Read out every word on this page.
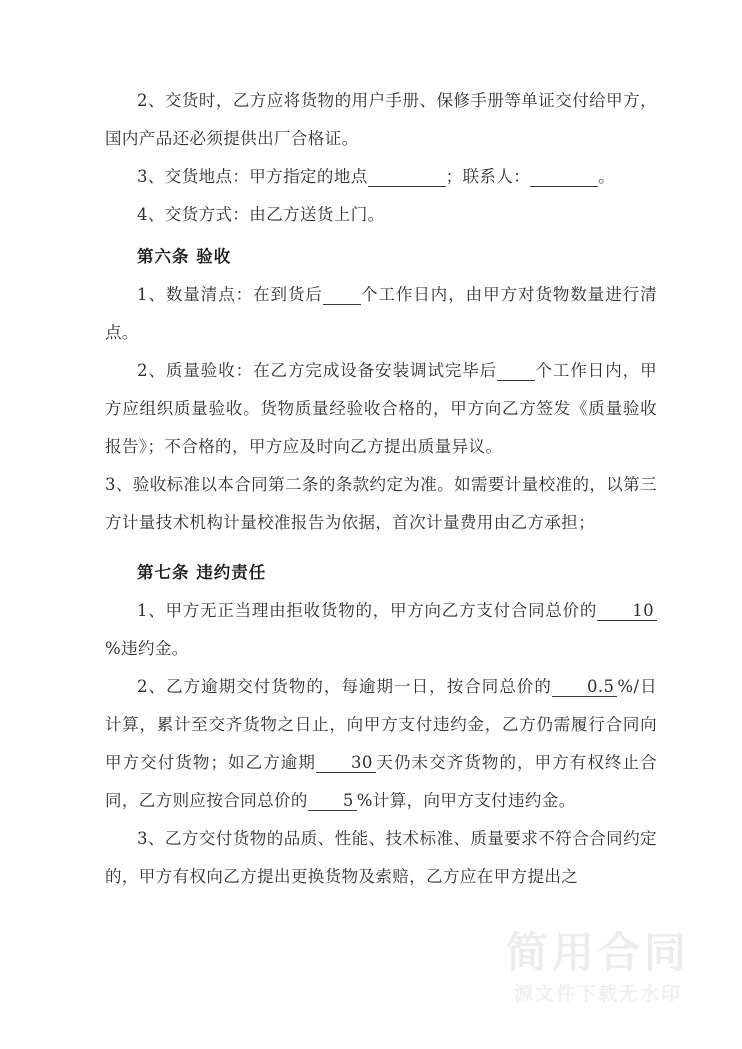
2、交货时，乙方应将货物的用户手册、保修手册等单证交付给甲方，国内产品还必须提供出厂合格证。

3、交货地点：甲方指定的地点	；联系人：	。

4、交货方式：由乙方送货上门。

第六条 验收

1、数量清点：在到货后 个工作日内，由甲方对货物数量进行清点。

2、质量验收：在乙方完成设备安装调试完毕后 个工作日内，甲方应组织质量验收。货物质量经验收合格的，甲方向乙方签发《质量验收报告》；不合格的，甲方应及时向乙方提出质量异议。

3、验收标准以本合同第二条的条款约定为准。如需要计量校准的，以第三方计量技术机构计量校准报告为依据，首次计量费用由乙方承担；

第七条 违约责任

1、甲方无正当理由拒收货物的，甲方向乙方支付合同总价的 10%违约金。

2、乙方逾期交付货物的，每逾期一日，按合同总价的 0.5 %/日计算，累计至交齐货物之日止，向甲方支付违约金，乙方仍需履行合同向甲方交付货物；如乙方逾期 30 天仍未交齐货物的，甲方有权终止合同，乙方则应按合同总价的 5 %计算，向甲方支付违约金。

3、乙方交付货物的品质、性能、技术标准、质量要求不符合合同约定的，甲方有权向乙方提出更换货物及索赔，乙方应在甲方提出之

简用合同
源文件下载无水印
